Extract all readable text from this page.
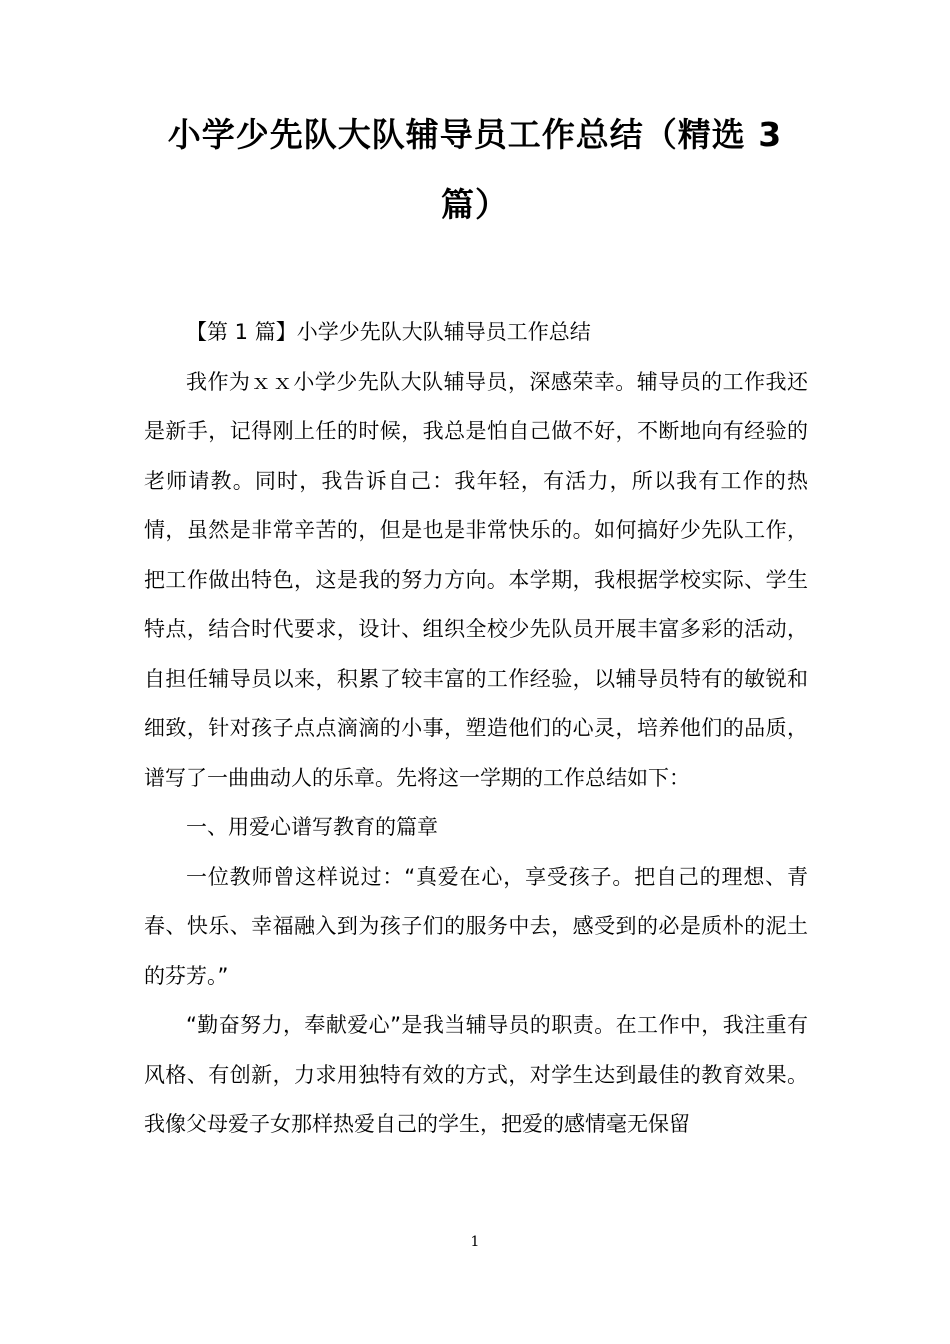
小学少先队大队辅导员工作总结（精选 3 篇）

【第 1 篇】小学少先队大队辅导员工作总结

我作为ｘｘ小学少先队大队辅导员，深感荣幸。辅导员的工作我还是新手，记得刚上任的时候，我总是怕自己做不好，不断地向有经验的老师请教。同时，我告诉自己：我年轻，有活力，所以我有工作的热情，虽然是非常辛苦的，但是也是非常快乐的。如何搞好少先队工作，把工作做出特色，这是我的努力方向。本学期，我根据学校实际、学生特点，结合时代要求，设计、组织全校少先队员开展丰富多彩的活动，自担任辅导员以来，积累了较丰富的工作经验，以辅导员特有的敏锐和细致，针对孩子点点滴滴的小事，塑造他们的心灵，培养他们的品质，谱写了一曲曲动人的乐章。先将这一学期的工作总结如下：

一、用爱心谱写教育的篇章

一位教师曾这样说过：“真爱在心，享受孩子。把自己的理想、青春、快乐、幸福融入到为孩子们的服务中去，感受到的必是质朴的泥土的芬芳。”

“勤奋努力，奉献爱心”是我当辅导员的职责。在工作中，我注重有风格、有创新，力求用独特有效的方式，对学生达到最佳的教育效果。我像父母爱子女那样热爱自己的学生，把爱的感情毫无保留

1
